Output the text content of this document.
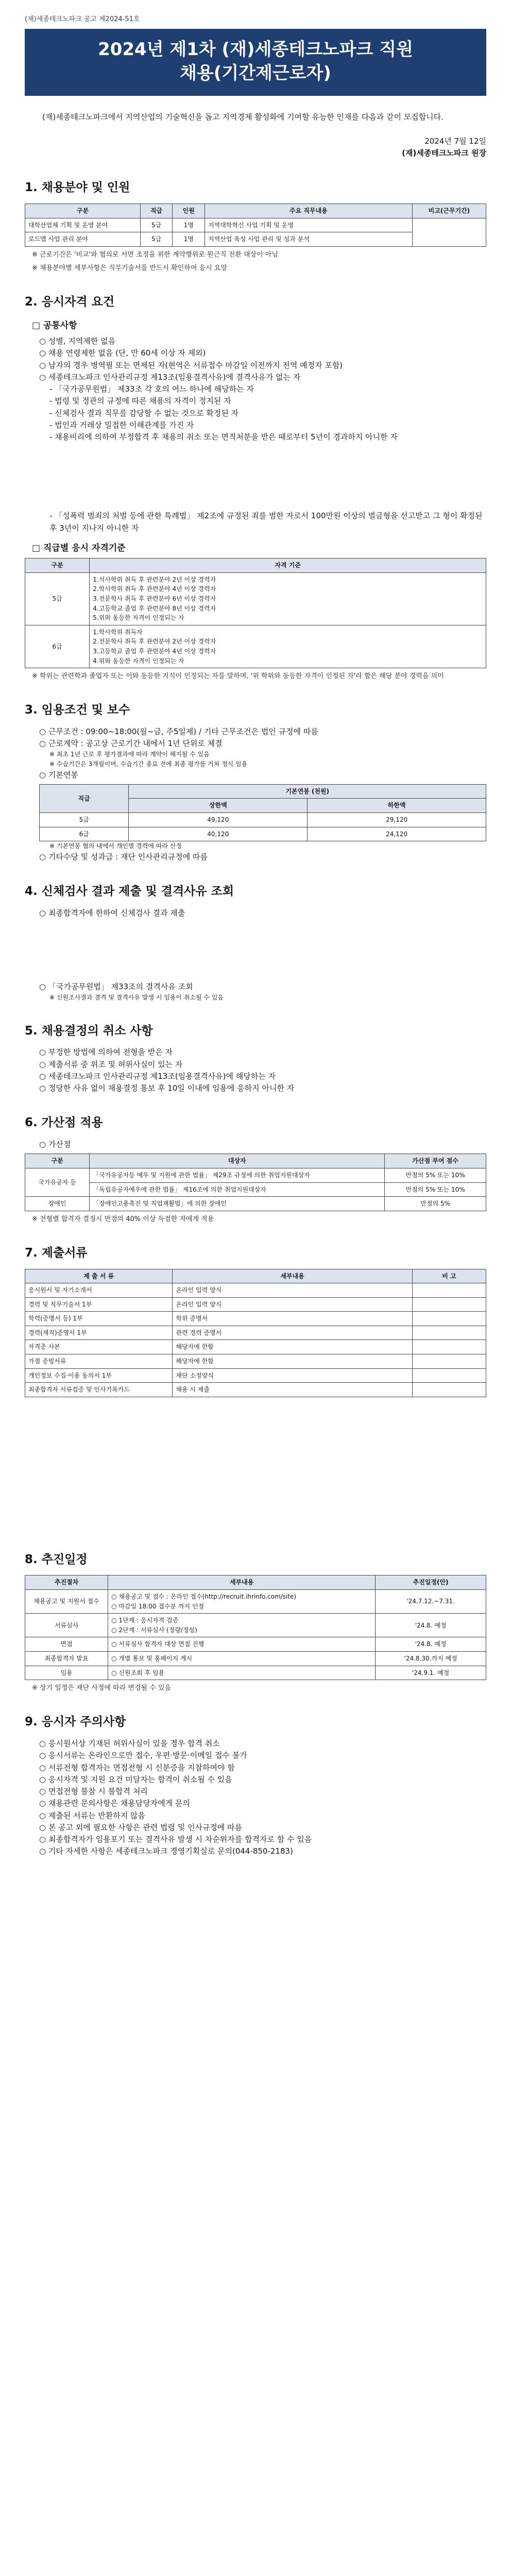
(재)세종테크노파크 공고 제2024-51호
2024년 제1차 (재)세종테크노파크 직원
채용(기간제근로자)
(재)세종테크노파크에서 지역산업의 기술혁신을 돕고 지역경제 활성화에 기여할 유능한 인재를 다음과 같이 모집합니다.
2024년 7월 12일
(재)세종테크노파크 원장
1. 채용분야 및 인원
구분	직급	인원	주요 직무내용	비고(근무기간)
대학산업체 기획 및 운영 분야	5급	1명	지역대학혁신 사업 기획 및 운영	
로드맵 사업 관리 분야	5급	1명	지역산업 육성 사업 관리 및 성과 분석	
※ 근로기간은 '비교'와 협의로 서면 조정을 위한 계약행위로 원근직 전환 대상이 아님
※ 채용분야별 세부사항은 직무기술서를 반드시 확인하여 응시 요망
2. 응시자격 요건
□ 공통사항
○ 성별, 지역제한 없음
○ 채용 연령제한 없음 (단, 만 60세 이상 자 제외)
○ 남자의 경우 병역필 또는 면제된 자(현역은 서류접수 마감일 이전까지 전역 예정자 포함)
○ 세종테크노파크 인사관리규정 제13조(임용결격사유)에 결격사유가 없는 자
- 「국가공무원법」 제33조 각 호의 어느 하나에 해당하는 자
- 법령 및 정관의 규정에 따른 채용의 자격이 정지된 자
- 신체검사 결과 직무를 감당할 수 없는 것으로 확정된 자
- 법인과 거래상 밀접한 이해관계를 가진 자
- 채용비리에 의하여 부정합격 후 채용의 취소 또는 면직처분을 받은 때로부터 5년이 경과하지 아니한 자
- 「성폭력 범죄의 처벌 등에 관한 특례법」 제2조에 규정된 죄를 범한 자로서 100만원 이상의 벌금형을 선고받고 그 형이 확정된 후 3년이 지나지 아니한 자
□ 직급별 응시 자격기준
구분	자격 기준
5급	1.석사학위 취득 후 관련분야 2년 이상 경력자
2.학사학위 취득 후 관련분야 4년 이상 경력자
3.전문학사 취득 후 관련분야 6년 이상 경력자
4.고등학교 졸업 후 관련분야 8년 이상 경력자
5.위와 동등한 자격이 인정되는 자
6급	1.학사학위 취득자
2.전문학사 취득 후 관련분야 2년 이상 경력자
3.고등학교 졸업 후 관련분야 4년 이상 경력자
4.위와 동등한 자격이 인정되는 자
※ 학위는 관련학과 졸업자 또는 이와 동등한 지식이 인정되는 자를 말하며, '위 학위와 동등한 자격이 인정된 자'라 함은 해당 분야 경력을 의미
3. 임용조건 및 보수
○ 근무조건 : 09:00~18:00(월~금, 주5일제) / 기타 근무조건은 법인 규정에 따름
○ 근로계약 : 공고상 근로기간 내에서 1년 단위로 체결
※ 최초 1년 근로 후 평가결과에 따라 계약이 해지될 수 있음
※ 수습기간은 3개월이며, 수습기간 종료 전에 최종 평가를 거쳐 정식 임용
○ 기본연봉
직급	기본연봉 (천원)	
	상한액	하한액
5급	49,120	29,120
6급	40,120	24,120
※ 기본연봉 협의 내에서 개인별 경력에 따라 산정
○ 기타수당 및 성과급 : 재단 인사관리규정에 따름
4. 신체검사 결과 제출 및 결격사유 조회
○ 최종합격자에 한하여 신체검사 결과 제출
○ 「국가공무원법」 제33조의 결격사유 조회
※ 신원조사결과 결격 및 결격사유 발생 시 임용이 취소될 수 있음
5. 채용결정의 취소 사항
○ 부정한 방법에 의하여 전형을 받은 자
○ 제출서류 중 위조 및 허위사실이 있는 자
○ 세종테크노파크 인사관리규정 제13조(임용결격사유)에 해당하는 자
○ 정당한 사유 없이 채용결정 통보 후 10일 이내에 임용에 응하지 아니한 자
6. 가산점 적용
○ 가산점
구분	대상자	가산점 부여 점수
국가유공자 등	「국가유공자등 예우 및 지원에 관한 법률」 제29조 규정에 의한 취업지원대상자	만점의 5% 또는 10%
	「독립유공자예우에 관한 법률」 제16조에 의한 취업지원대상자	만점의 5% 또는 10%
장애인	「장애인고용촉진 및 직업재활법」에 의한 장애인	만점의 5%
※ 전형별 합격자 결정시 만점의 40% 이상 득점한 자에게 적용
7. 제출서류
제 출 서 류	세부내용	비 고
응시원서 및 자기소개서	온라인 입력 양식	
경력 및 직무기술서 1부	온라인 입력 양식	
학력(증명서 등) 1부	학위 증명서	
경력(재직)증명서 1부	관련 경력 증명서	
자격증 사본	해당자에 한함	
가점 증빙서류	해당자에 한함	
개인정보 수집·이용 동의서 1부	재단 소정양식	
최종합격자 서류검증 및 인사기록카드	채용 시 제출	
8. 추진일정
추진절차	세부내용	추진일정(안)
채용공고 및 지원서 접수	○ 채용공고 및 접수 : 온라인 접수(http://recruit.ihrinfo.com/site)
○ 마감일 18:00 접수분 까지 인정	'24.7.12.~7.31.
서류심사	○ 1단계 : 응시자격 검증
○ 2단계 : 서류심사 (정량/정성)	'24.8. 예정
면접	○ 서류심사 합격자 대상 면접 진행	'24.8. 예정
최종합격자 발표	○ 개별 통보 및 홈페이지 게시	'24.8.30.까지 예정
임용	○ 신원조회 후 임용	'24.9.1. 예정
※ 상기 일정은 재단 사정에 따라 변경될 수 있음
9. 응시자 주의사항
○ 응시원서상 기재된 허위사실이 있을 경우 합격 취소
○ 응시서류는 온라인으로만 접수, 우편·방문·이메일 접수 불가
○ 서류전형 합격자는 면접전형 시 신분증을 지참하여야 함
○ 응시자격 및 지원 요건 미달자는 합격이 취소될 수 있음
○ 면접전형 불참 시 불합격 처리
○ 채용관련 문의사항은 채용담당자에게 문의
○ 제출된 서류는 반환하지 않음
○ 본 공고 외에 필요한 사항은 관련 법령 및 인사규정에 따름
○ 최종합격자가 임용포기 또는 결격사유 발생 시 차순위자를 합격자로 할 수 있음
○ 기타 자세한 사항은 세종테크노파크 경영기획실로 문의(044-850-2183)
